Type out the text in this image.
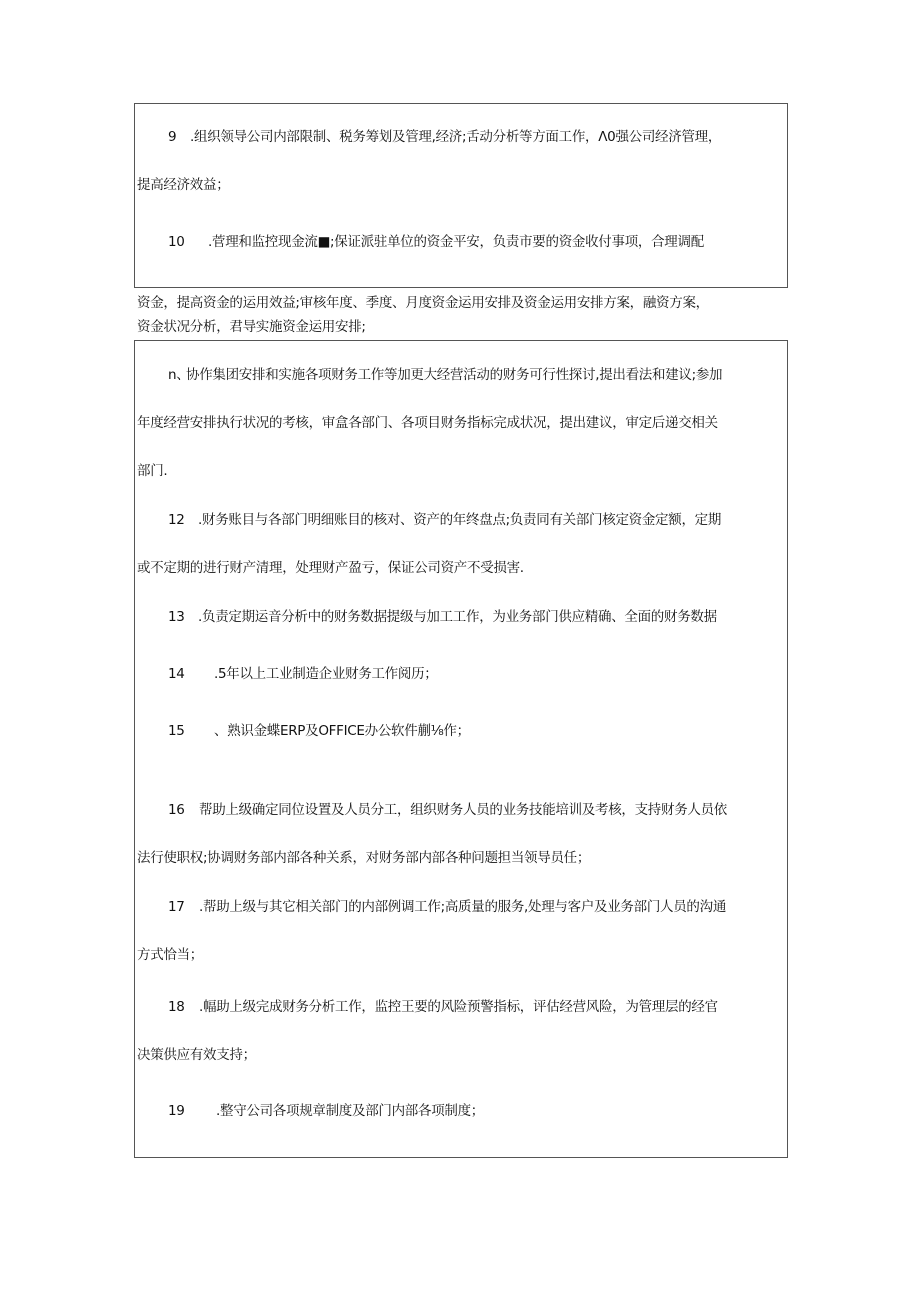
9 .组织领导公司内部限制、税务筹划及管理,经济;舌动分析等方面工作，Λ0强公司经济管理，
提高经济效益；
10 .菅理和监控现金流■;保证派驻单位的资金平安，负责市要的资金收付事项，合理调配
资金，提高资金的运用效益;审核年度、季度、月度资金运用安排及资金运用安排方案，融资方案，
资金状况分析，君导实施资金运用安排;
n、协作集团安排和实施各项财务工作等加更大经营活动的财务可行性探讨,提出看法和建议;参加
年度经营安排执行状况的考核，审盒各部门、各项目财务指标完成状况，提出建议，审定后递交相关
部门.
12 .财务账目与各部门明细账目的核对、资产的年终盘点;负责同有关部门核定资金定额，定期
或不定期的进行财产清理，处理财产盈亏，保证公司资产不受损害.
13 .负责定期运音分析中的财务数据提级与加工工作，为业务部门供应精确、全面的财务数据
14 .5年以上工业制造企业财务工作阅历；
15 、熟识金蝶ERP及OFFICE办公软件蒯⅛作；
16 帮助上级确定同位设置及人员分工，组织财务人员的业务技能培训及考核，支持财务人员依
法行使职权;协调财务部内部各种关系，对财务部内部各种问题担当领导员任；
17 .帮助上级与其它相关部门的内部例调工作;高质量的服务,处理与客户及业务部门人员的沟通
方式恰当；
18 .幅助上级完成财务分析工作，监控王要的风险预警指标，评估经营风险，为管理层的经官
决策供应有效支持；
19 .整守公司各项规章制度及部门内部各项制度；
